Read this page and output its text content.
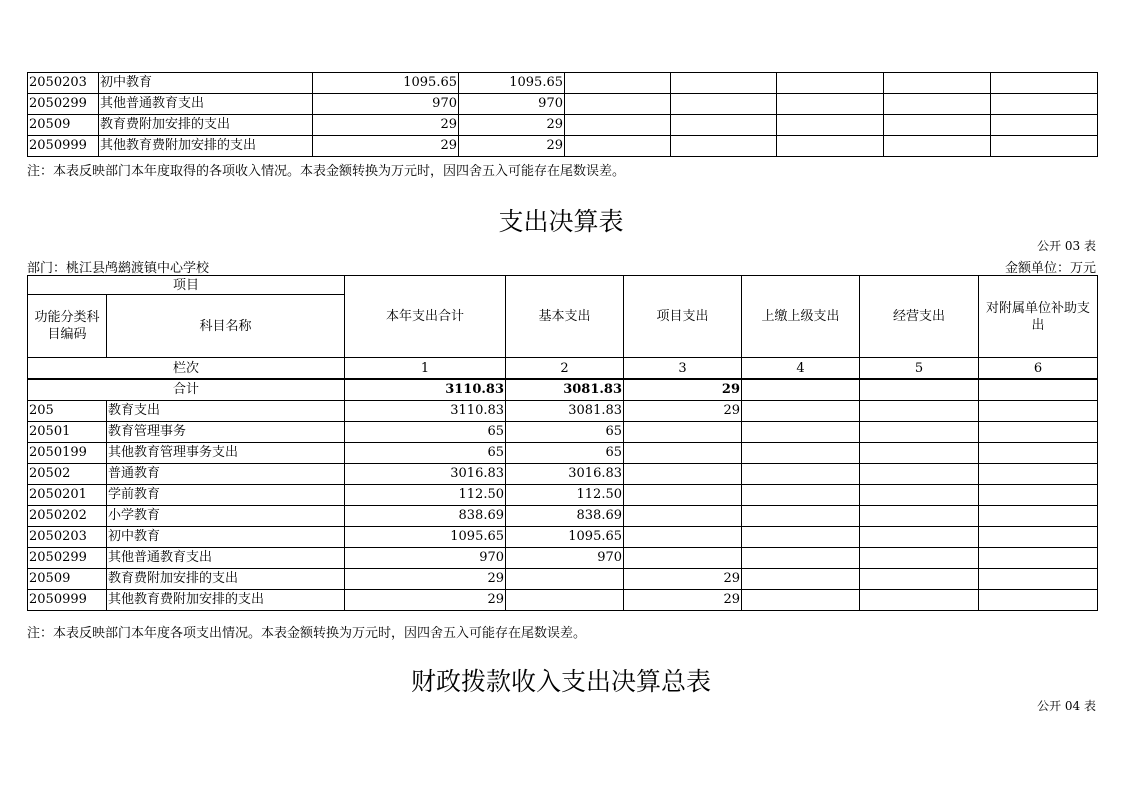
2050203	初中教育	1095.65	1095.65					
2050299	其他普通教育支出	970	970					
20509	教育费附加安排的支出	29	29					
2050999	其他教育费附加安排的支出	29	29					
注：本表反映部门本年度取得的各项收入情况。本表金额转换为万元时，因四舍五入可能存在尾数误差。
支出决算表
公开 03 表
部门：桃江县鸬鹚渡镇中心学校	金额单位：万元
项目		本年支出合计	基本支出	项目支出	上缴上级支出	经营支出	对附属单位补助支出
功能分类科目编码	科目名称						
栏次		1	2	3	4	5	6
合计		3110.83	3081.83	29			
205	教育支出	3110.83	3081.83	29			
20501	教育管理事务	65	65				
2050199	其他教育管理事务支出	65	65				
20502	普通教育	3016.83	3016.83				
2050201	学前教育	112.50	112.50				
2050202	小学教育	838.69	838.69				
2050203	初中教育	1095.65	1095.65				
2050299	其他普通教育支出	970	970				
20509	教育费附加安排的支出	29		29			
2050999	其他教育费附加安排的支出	29		29			
注：本表反映部门本年度各项支出情况。本表金额转换为万元时，因四舍五入可能存在尾数误差。
财政拨款收入支出决算总表
公开 04 表
